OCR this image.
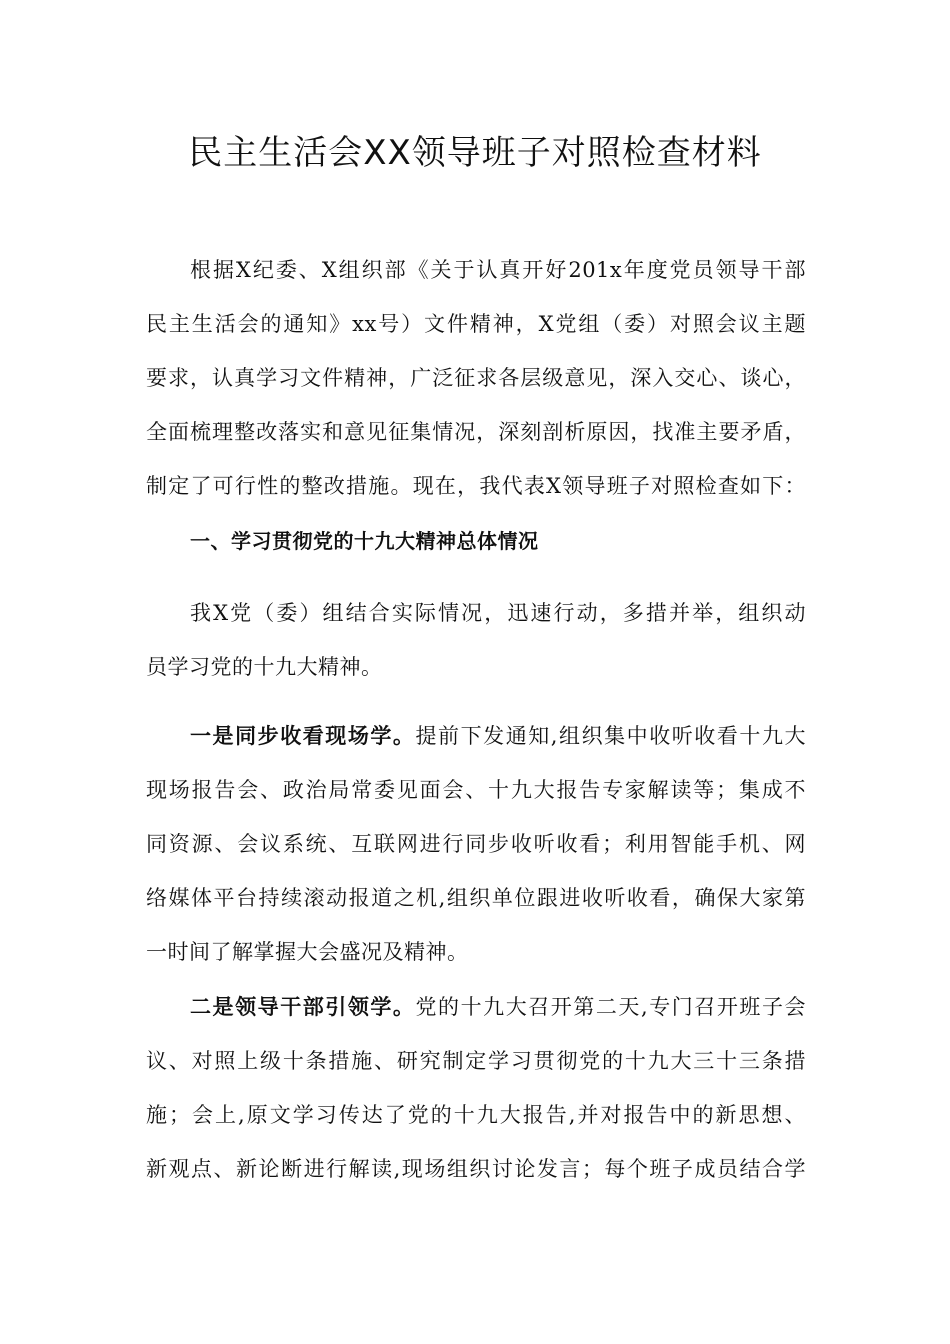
民主生活会XX领导班子对照检查材料
根据X纪委、X组织部《关于认真开好201x年度党员领导干部
民主生活会的通知》xx号）文件精神，X党组（委）对照会议主题
要求，认真学习文件精神，广泛征求各层级意见，深入交心、谈心，
全面梳理整改落实和意见征集情况，深刻剖析原因，找准主要矛盾，
制定了可行性的整改措施。现在，我代表X领导班子对照检查如下：
一、学习贯彻党的十九大精神总体情况
我X党（委）组结合实际情况，迅速行动，多措并举，组织动
员学习党的十九大精神。
一是同步收看现场学。提前下发通知,组织集中收听收看十九大
现场报告会、政治局常委见面会、十九大报告专家解读等；集成不
同资源、会议系统、互联网进行同步收听收看；利用智能手机、网
络媒体平台持续滚动报道之机,组织单位跟进收听收看，确保大家第
一时间了解掌握大会盛况及精神。
二是领导干部引领学。党的十九大召开第二天,专门召开班子会
议、对照上级十条措施、研究制定学习贯彻党的十九大三十三条措
施；会上,原文学习传达了党的十九大报告,并对报告中的新思想、
新观点、新论断进行解读,现场组织讨论发言；每个班子成员结合学
